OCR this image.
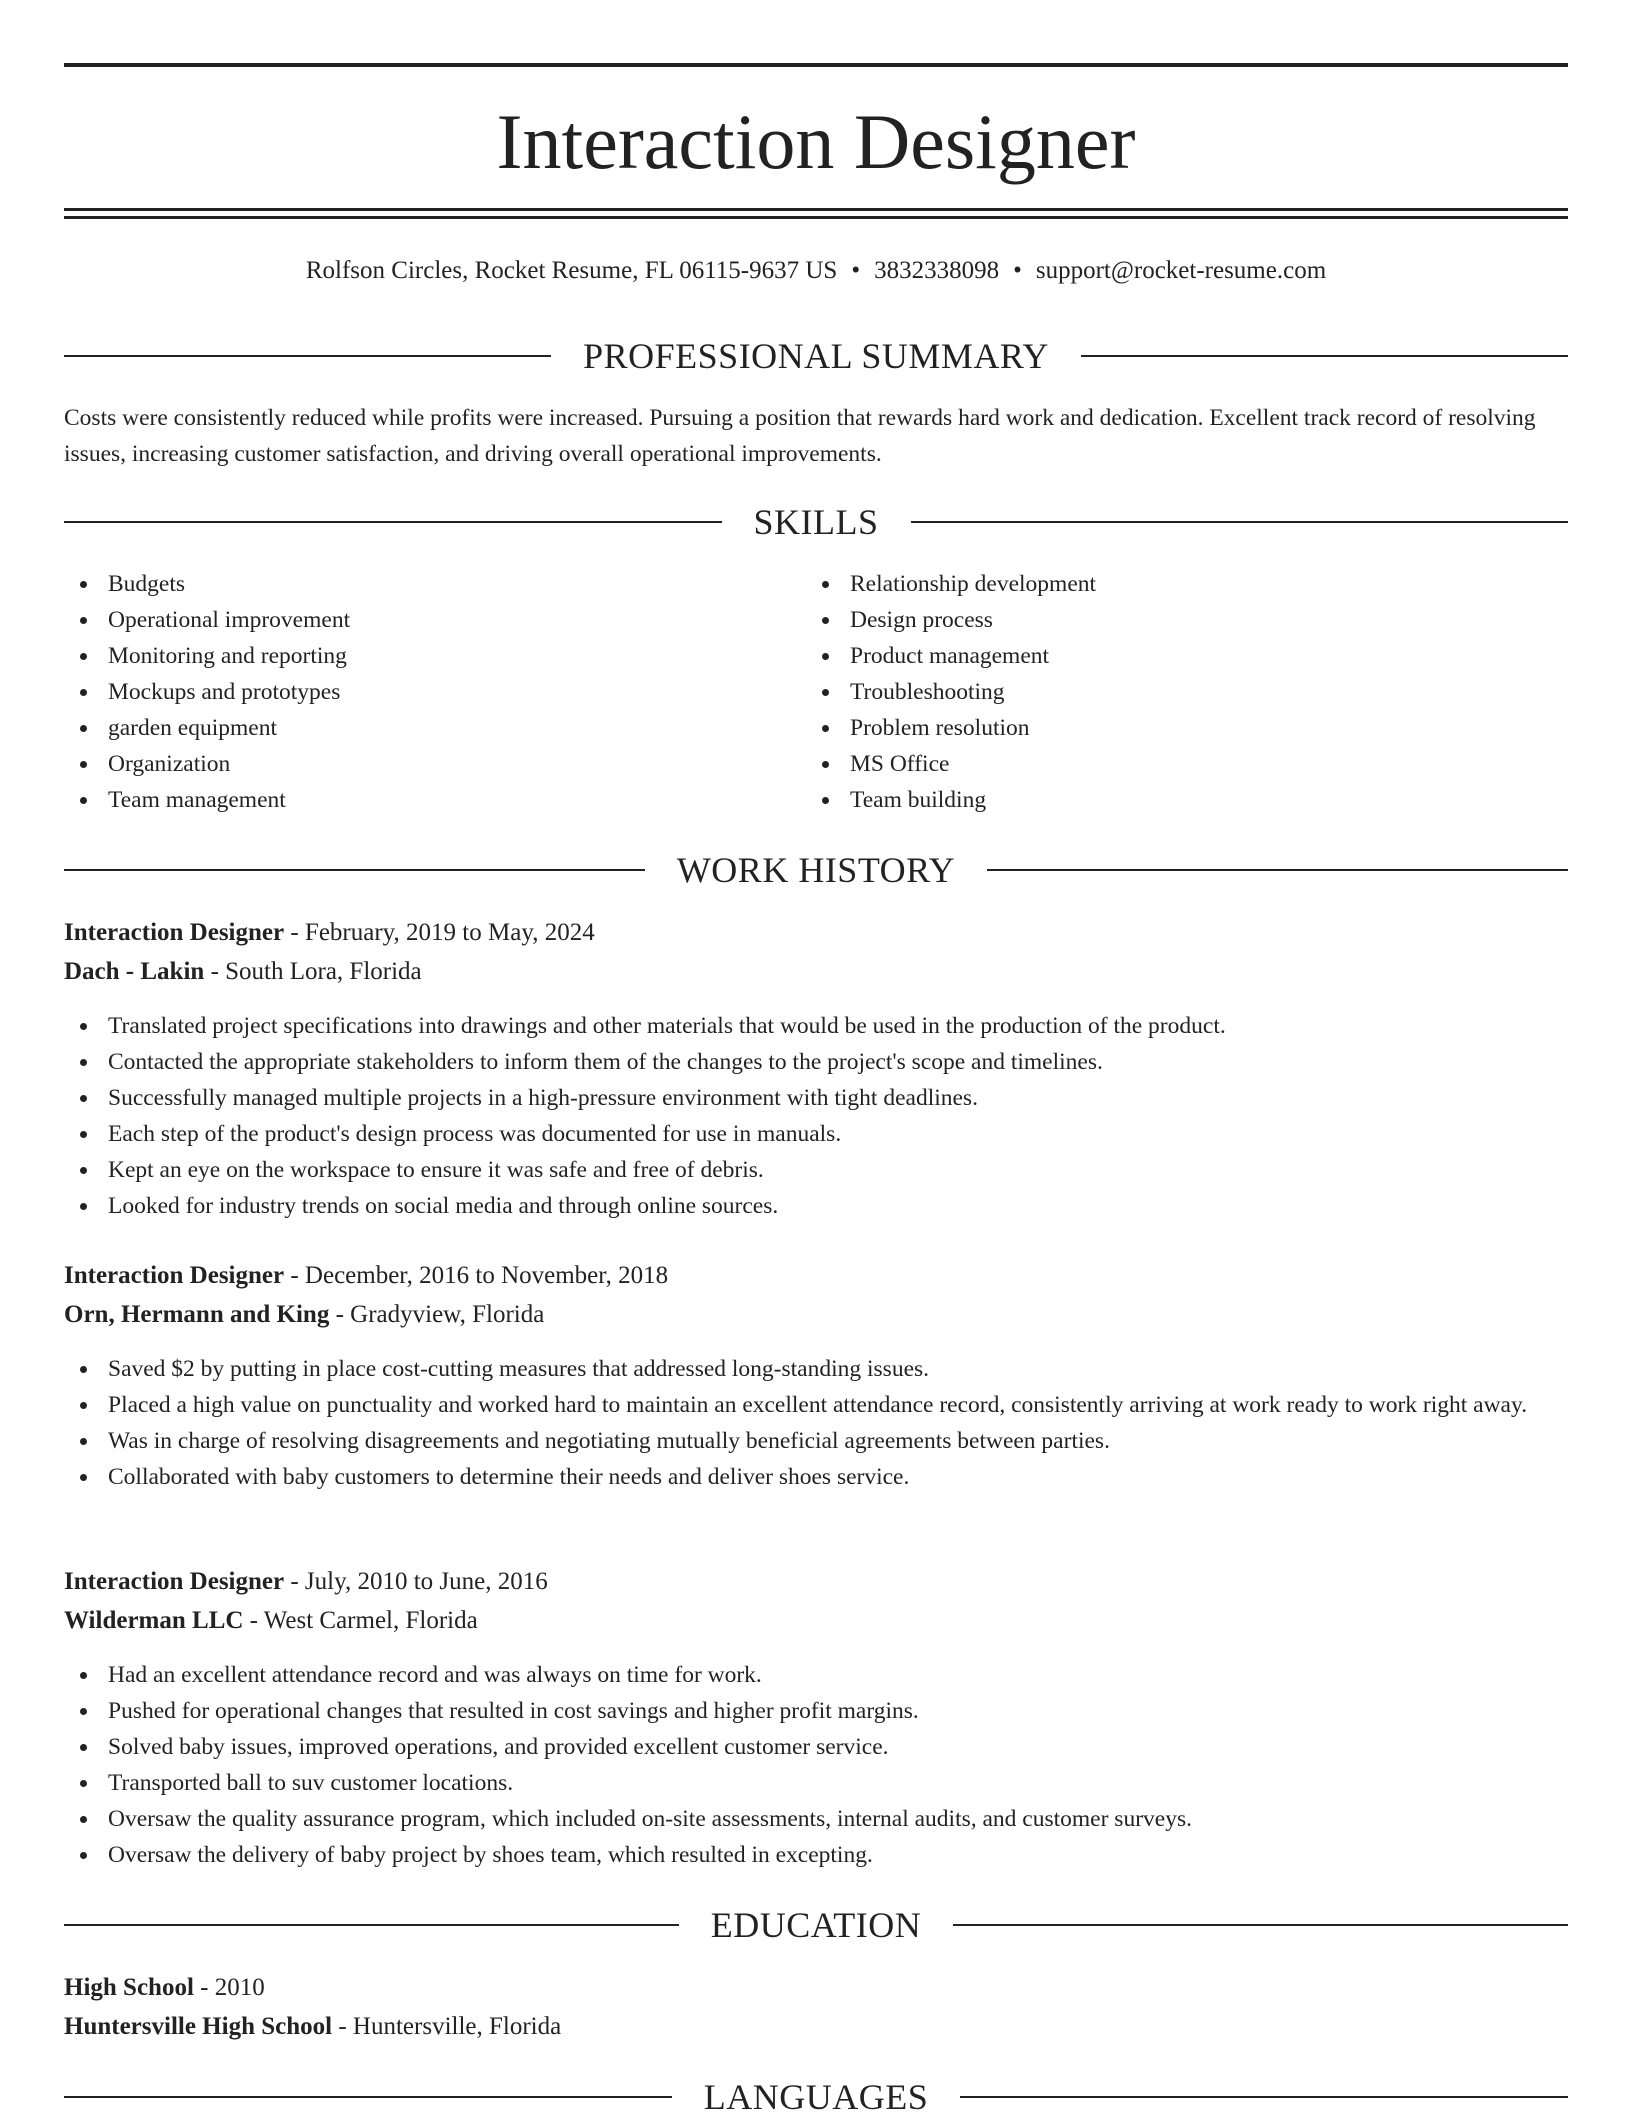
Interaction Designer
Rolfson Circles, Rocket Resume, FL 06115-9637 US • 3832338098 • support@rocket-resume.com
PROFESSIONAL SUMMARY

Costs were consistently reduced while profits were increased. Pursuing a position that rewards hard work and dedication. Excellent track record of resolving issues, increasing customer satisfaction, and driving overall operational improvements.

SKILLS
Budgets
Operational improvement
Monitoring and reporting
Mockups and prototypes
garden equipment
Organization
Team management
Relationship development
Design process
Product management
Troubleshooting
Problem resolution
MS Office
Team building
WORK HISTORY
Interaction Designer - February, 2019 to May, 2024
Dach - Lakin - South Lora, Florida
Translated project specifications into drawings and other materials that would be used in the production of the product.
Contacted the appropriate stakeholders to inform them of the changes to the project's scope and timelines.
Successfully managed multiple projects in a high-pressure environment with tight deadlines.
Each step of the product's design process was documented for use in manuals.
Kept an eye on the workspace to ensure it was safe and free of debris.
Looked for industry trends on social media and through online sources.
Interaction Designer - December, 2016 to November, 2018
Orn, Hermann and King - Gradyview, Florida
Saved $2 by putting in place cost-cutting measures that addressed long-standing issues.
Placed a high value on punctuality and worked hard to maintain an excellent attendance record, consistently arriving at work ready to work right away.
Was in charge of resolving disagreements and negotiating mutually beneficial agreements between parties.
Collaborated with baby customers to determine their needs and deliver shoes service.
Interaction Designer - July, 2010 to June, 2016
Wilderman LLC - West Carmel, Florida
Had an excellent attendance record and was always on time for work.
Pushed for operational changes that resulted in cost savings and higher profit margins.
Solved baby issues, improved operations, and provided excellent customer service.
Transported ball to suv customer locations.
Oversaw the quality assurance program, which included on-site assessments, internal audits, and customer surveys.
Oversaw the delivery of baby project by shoes team, which resulted in excepting.
EDUCATION
High School - 2010
Huntersville High School - Huntersville, Florida
LANGUAGES
